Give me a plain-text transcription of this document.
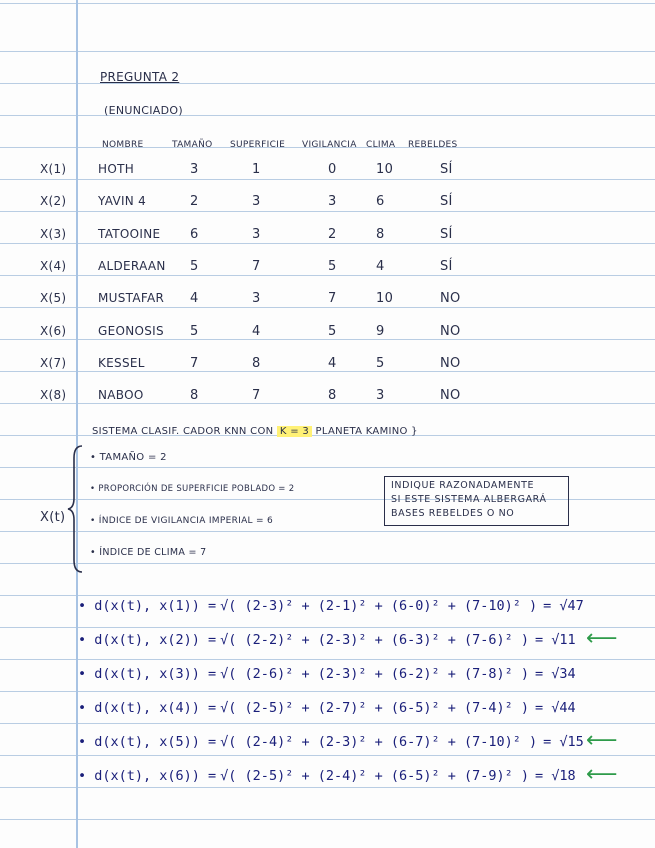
PREGUNTA 2
(ENUNCIADO)
NOMBRE	TAMAÑO SUPERFICIE VIGILANCIA CLIMA REBELDES
X(1)	HOTH	3	1	0	10	SÍ
X(2)	YAVIN 4	2	3	3	6	SÍ
X(3)	TATOOINE 6	3	2	8	SÍ
X(4)	ALDERAAN 5	7	5	4	SÍ
X(5)	MUSTAFAR 4	3	7	10	NO
X(6)	GEONOSIS 5	4	5	9	NO
X(7)	KESSEL	7	8	4	5	NO
X(8)	NABOO	8	7	8	3	NO
SISTEMA CLASIF. CADOR KNN CON K = 3 PLANETA KAMINO }
X(t)
• TAMAÑO = 2
• PROPORCIÓN DE SUPERFICIE POBLADO = 2
• ÍNDICE DE VIGILANCIA IMPERIAL = 6
• ÍNDICE DE CLIMA = 7
INDIQUE RAZONADAMENTE
SI ESTE SISTEMA ALBERGARÁ
BASES REBELDES O NO
• d(x(t), x(1)) = √( (2-3)² + (2-1)² + (6-0)² + (7-10)² ) = √47
• d(x(t), x(2)) = √( (2-2)² + (2-3)² + (6-3)² + (7-6)² ) = √11 ⟵
• d(x(t), x(3)) = √( (2-6)² + (2-3)² + (6-2)² + (7-8)² ) = √34
• d(x(t), x(4)) = √( (2-5)² + (2-7)² + (6-5)² + (7-4)² ) = √44
• d(x(t), x(5)) = √( (2-4)² + (2-3)² + (6-7)² + (7-10)² ) = √15 ⟵
• d(x(t), x(6)) = √( (2-5)² + (2-4)² + (6-5)² + (7-9)² ) = √18 ⟵
